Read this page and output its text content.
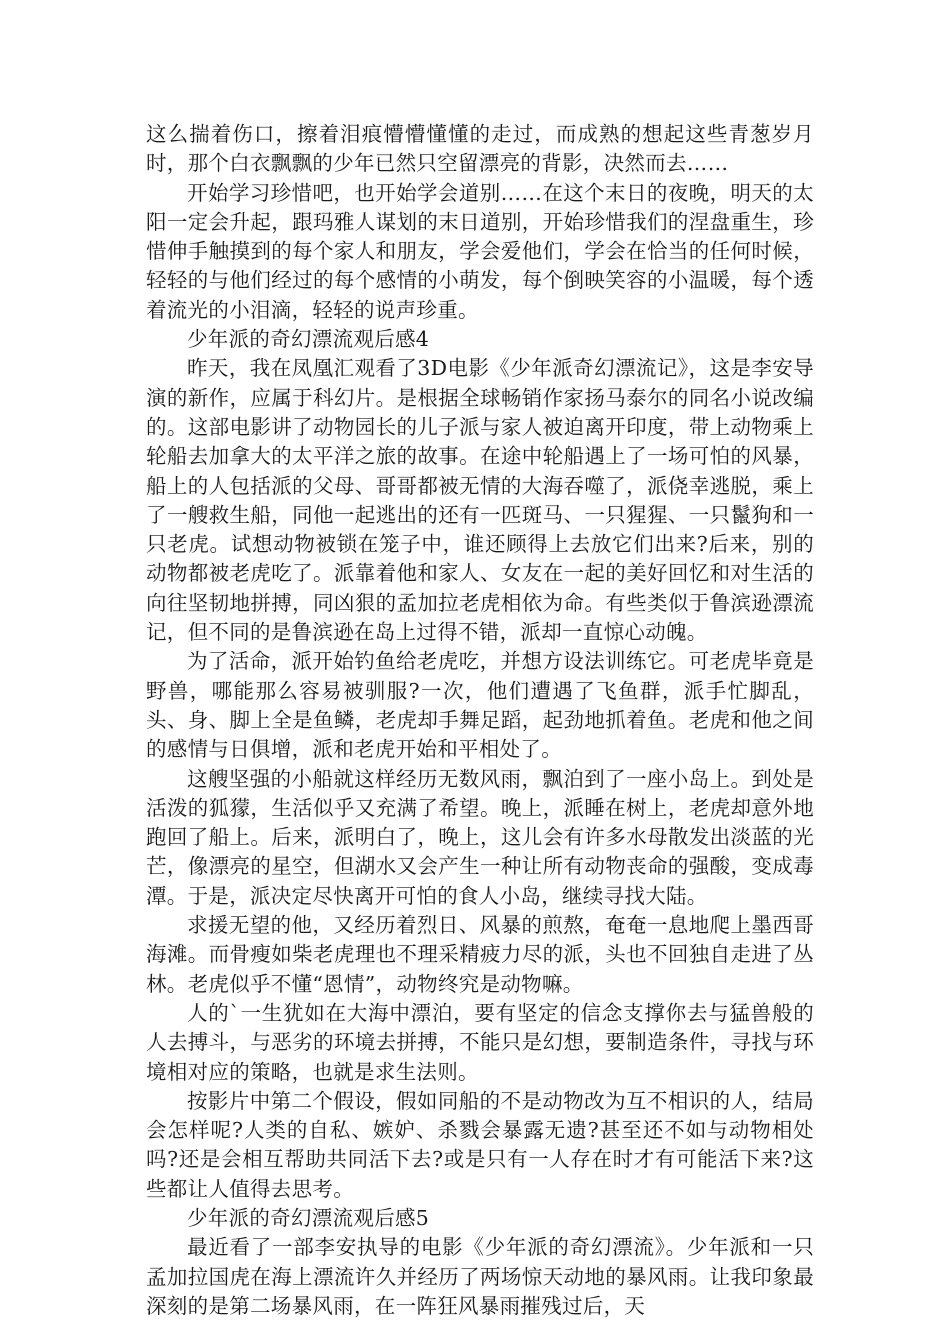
这么揣着伤口，擦着泪痕懵懵懂懂的走过，而成熟的想起这些青葱岁月时，那个白衣飘飘的少年已然只空留漂亮的背影，决然而去……

开始学习珍惜吧，也开始学会道别……在这个末日的夜晚，明天的太阳一定会升起，跟玛雅人谋划的末日道别，开始珍惜我们的涅盘重生，珍惜伸手触摸到的每个家人和朋友，学会爱他们，学会在恰当的任何时候，轻轻的与他们经过的每个感情的小萌发，每个倒映笑容的小温暖，每个透着流光的小泪滴，轻轻的说声珍重。

少年派的奇幻漂流观后感4

昨天，我在凤凰汇观看了3D电影《少年派奇幻漂流记》，这是李安导演的新作，应属于科幻片。是根据全球畅销作家扬马泰尔的同名小说改编的。这部电影讲了动物园长的儿子派与家人被迫离开印度，带上动物乘上轮船去加拿大的太平洋之旅的故事。在途中轮船遇上了一场可怕的风暴，船上的人包括派的父母、哥哥都被无情的大海吞噬了，派侥幸逃脱，乘上了一艘救生船，同他一起逃出的还有一匹斑马、一只猩猩、一只鬣狗和一只老虎。试想动物被锁在笼子中，谁还顾得上去放它们出来?后来，别的动物都被老虎吃了。派靠着他和家人、女友在一起的美好回忆和对生活的向往坚韧地拼搏，同凶狠的孟加拉老虎相依为命。有些类似于鲁滨逊漂流记，但不同的是鲁滨逊在岛上过得不错，派却一直惊心动魄。

为了活命，派开始钓鱼给老虎吃，并想方设法训练它。可老虎毕竟是野兽，哪能那么容易被驯服?一次，他们遭遇了飞鱼群，派手忙脚乱，头、身、脚上全是鱼鳞，老虎却手舞足蹈，起劲地抓着鱼。老虎和他之间的感情与日俱增，派和老虎开始和平相处了。

这艘坚强的小船就这样经历无数风雨，飘泊到了一座小岛上。到处是活泼的狐獴，生活似乎又充满了希望。晚上，派睡在树上，老虎却意外地跑回了船上。后来，派明白了，晚上，这儿会有许多水母散发出淡蓝的光芒，像漂亮的星空，但湖水又会产生一种让所有动物丧命的强酸，变成毒潭。于是，派决定尽快离开可怕的食人小岛，继续寻找大陆。

求援无望的他，又经历着烈日、风暴的煎熬，奄奄一息地爬上墨西哥海滩。而骨瘦如柴老虎理也不理采精疲力尽的派，头也不回独自走进了丛林。老虎似乎不懂“恩情”，动物终究是动物嘛。

人的`一生犹如在大海中漂泊，要有坚定的信念支撑你去与猛兽般的人去搏斗，与恶劣的环境去拼搏，不能只是幻想，要制造条件，寻找与环境相对应的策略，也就是求生法则。

按影片中第二个假设，假如同船的不是动物改为互不相识的人，结局会怎样呢?人类的自私、嫉妒、杀戮会暴露无遗?甚至还不如与动物相处吗?还是会相互帮助共同活下去?或是只有一人存在时才有可能活下来?这些都让人值得去思考。

少年派的奇幻漂流观后感5

最近看了一部李安执导的电影《少年派的奇幻漂流》。少年派和一只孟加拉国虎在海上漂流许久并经历了两场惊天动地的暴风雨。让我印象最深刻的是第二场暴风雨，在一阵狂风暴雨摧残过后，天
